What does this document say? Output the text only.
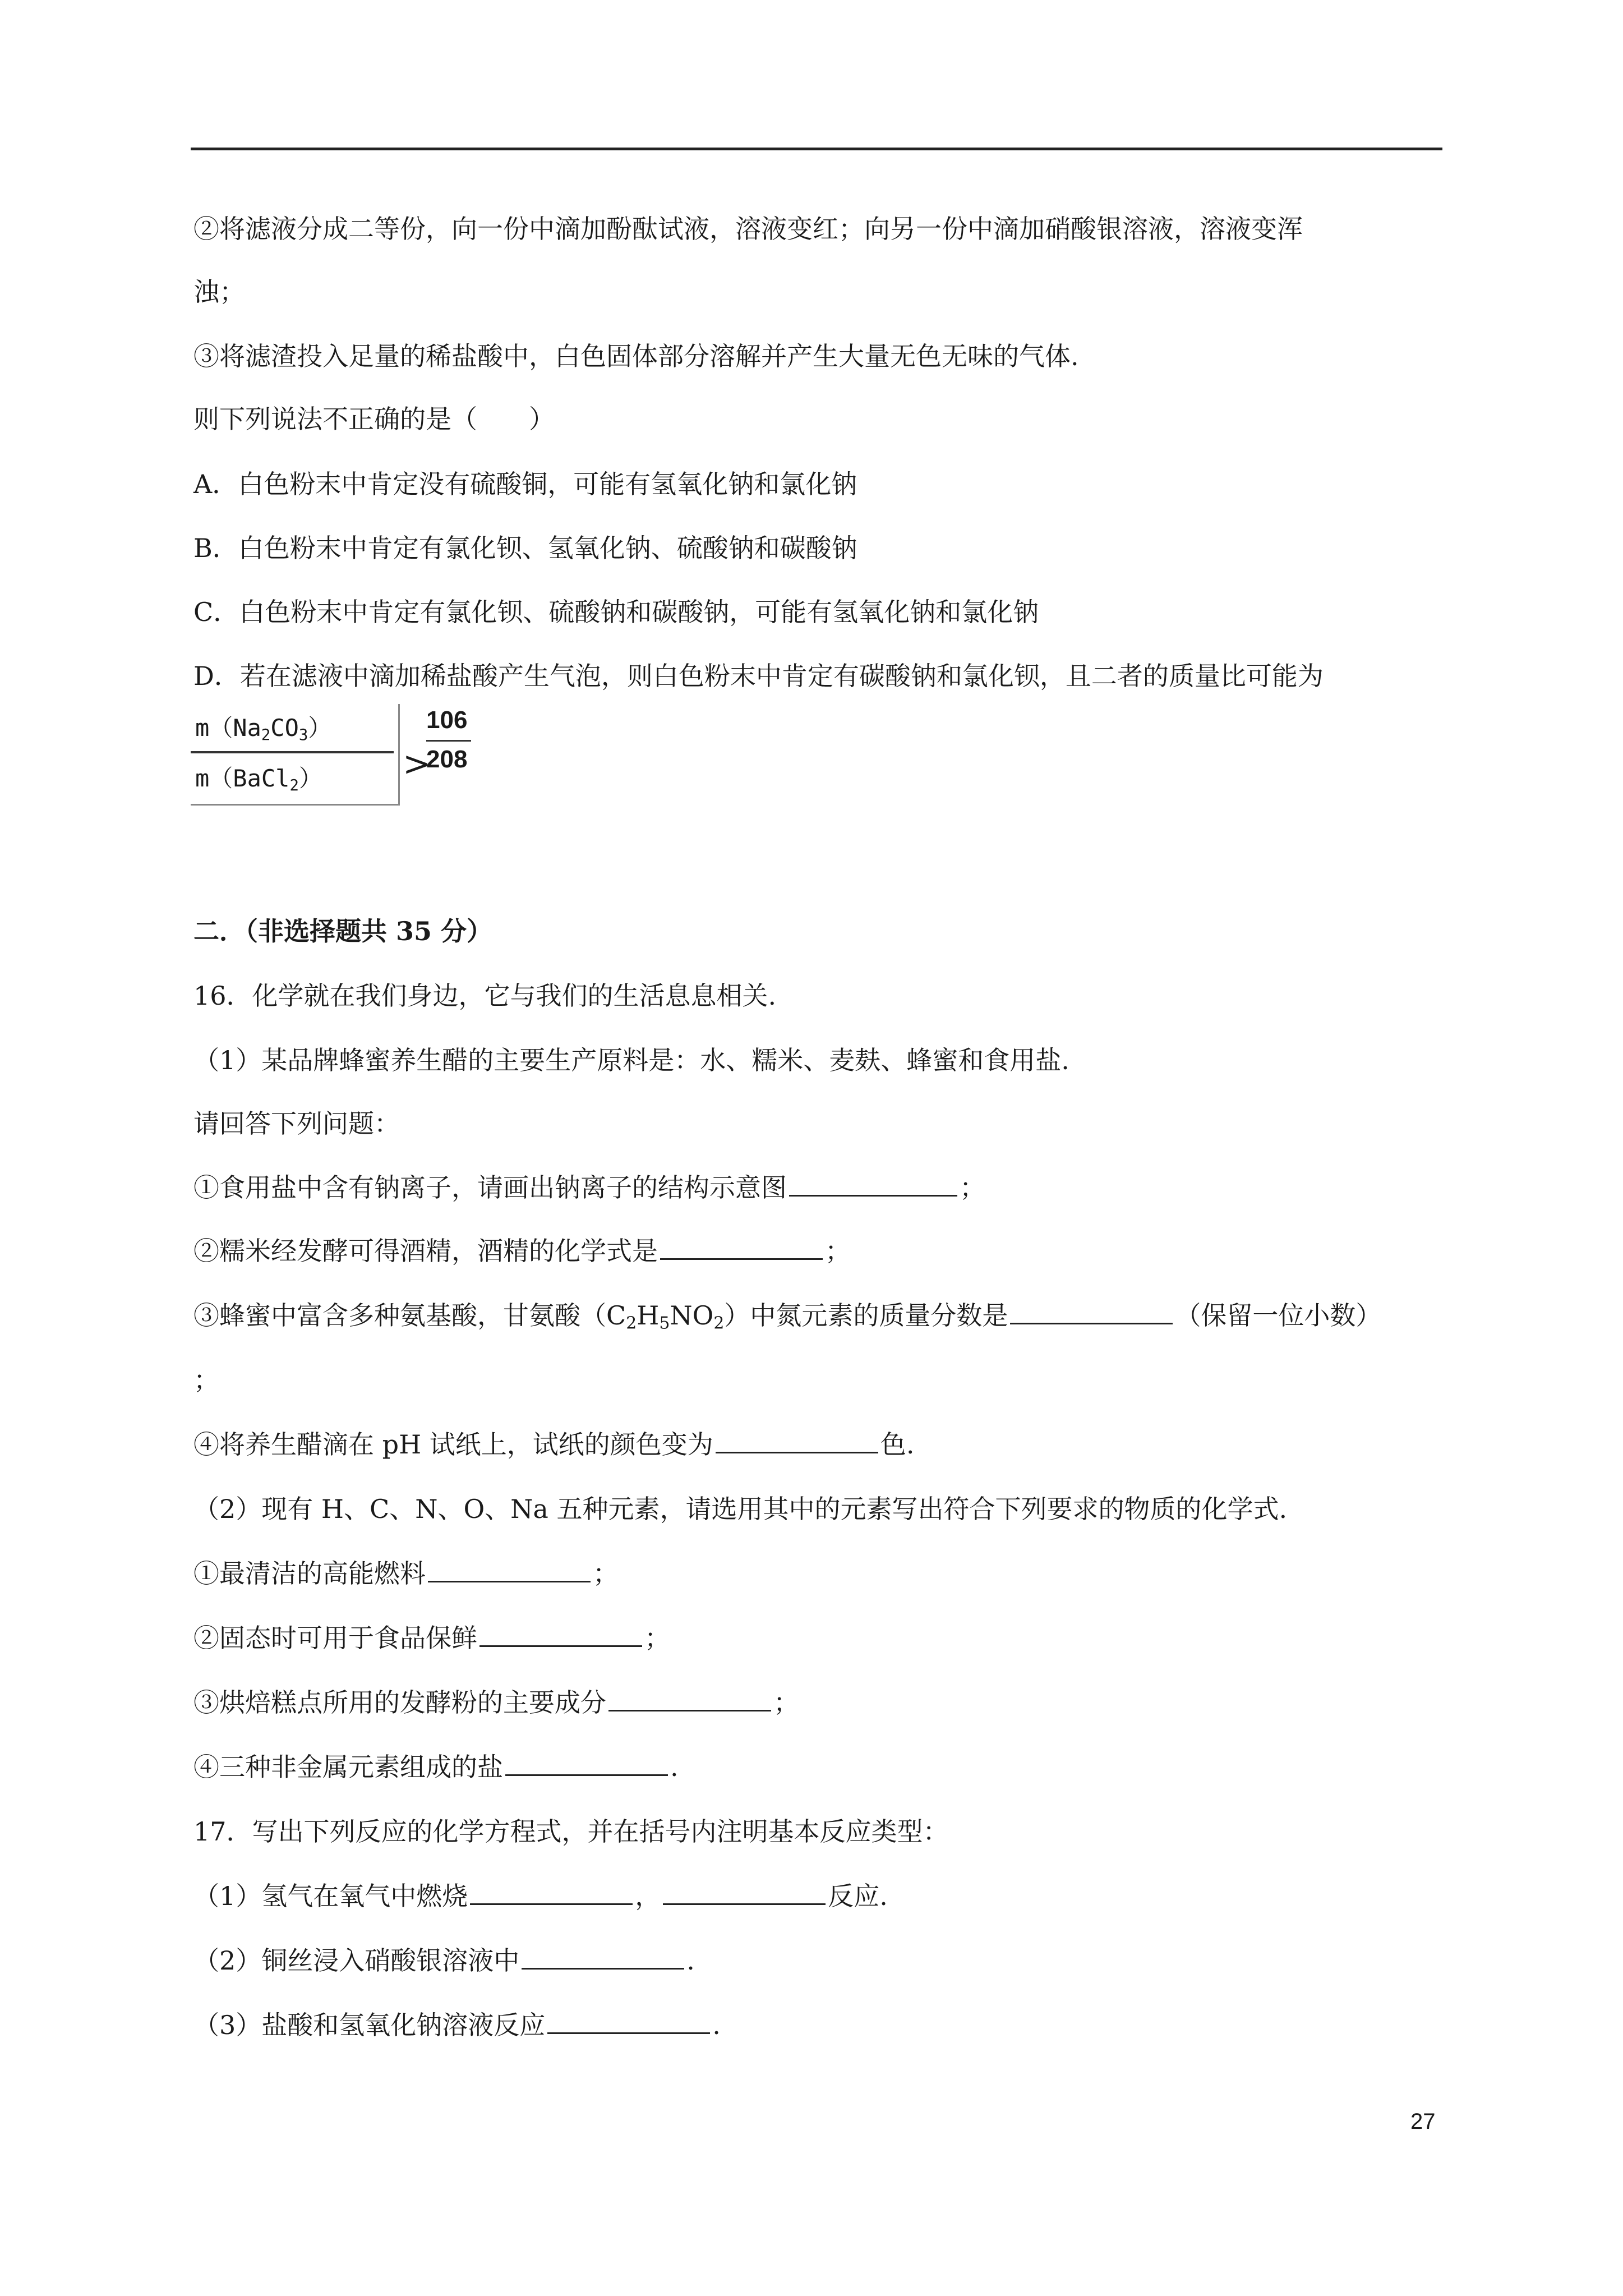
②将滤液分成二等份，向一份中滴加酚酞试液，溶液变红；向另一份中滴加硝酸银溶液，溶液变浑
浊；
③将滤渣投入足量的稀盐酸中，白色固体部分溶解并产生大量无色无味的气体.
则下列说法不正确的是（　　）
A．白色粉末中肯定没有硫酸铜，可能有氢氧化钠和氯化钠
B．白色粉末中肯定有氯化钡、氢氧化钠、硫酸钠和碳酸钠
C．白色粉末中肯定有氯化钡、硫酸钠和碳酸钠，可能有氢氧化钠和氯化钠
D．若在滤液中滴加稀盐酸产生气泡，则白色粉末中肯定有碳酸钠和氯化钡，且二者的质量比可能为
$m(Na_2CO_3)$
m（BaCl$_2$） >
106
208
二．（非选择题共 35 分）
16．化学就在我们身边，它与我们的生活息息相关.
（1）某品牌蜂蜜养生醋的主要生产原料是：水、糯米、麦麸、蜂蜜和食用盐.
请回答下列问题：
①食用盐中含有钠离子，请画出钠离子的结构示意图	；
②糯米经发酵可得酒精，酒精的化学式是	；
③蜂蜜中富含多种氨基酸，甘氨酸$(C_2H_5NO_2)$中氮元素的质量分数是	（保留一位小数）
；
④将养生醋滴在 pH 试纸上，试纸的颜色变为	色.
（2）现有 H、C、N、O、Na 五种元素，请选用其中的元素写出符合下列要求的物质的化学式.
①最清洁的高能燃料	；
②固态时可用于食品保鲜	；
③烘焙糕点所用的发酵粉的主要成分	；
④三种非金属元素组成的盐	.
17．写出下列反应的化学方程式，并在括号内注明基本反应类型：
（1）氢气在氧气中燃烧	，	反应.
（2）铜丝浸入硝酸银溶液中	.
（3）盐酸和氢氧化钠溶液反应	.
27
